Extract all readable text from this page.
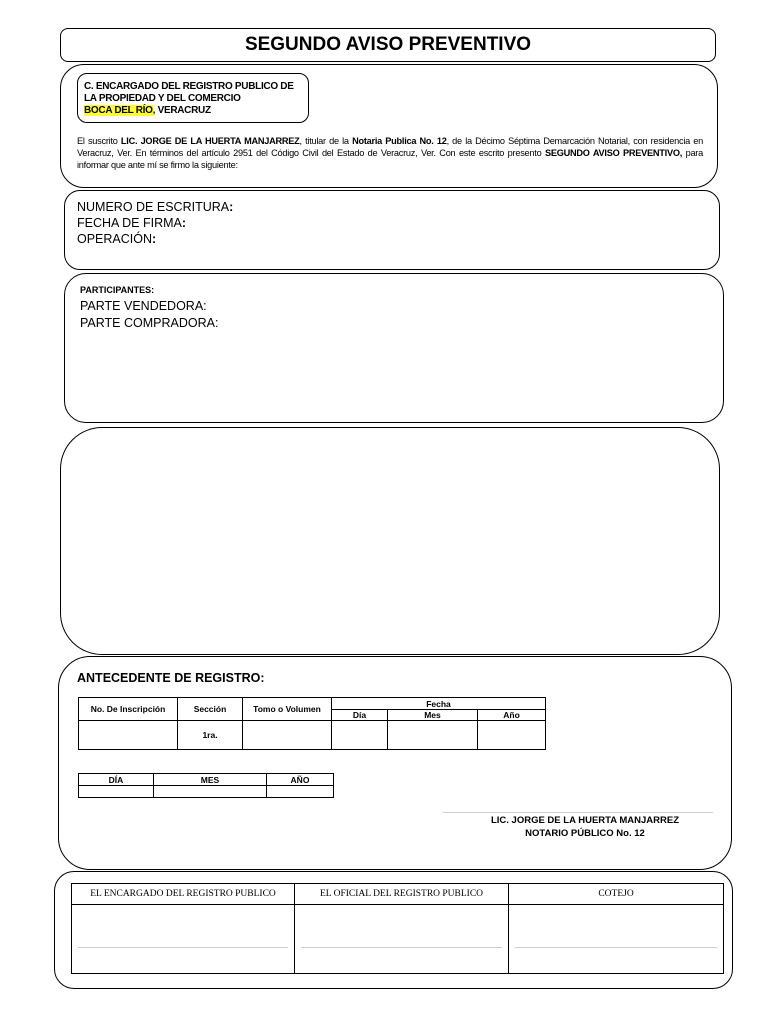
SEGUNDO AVISO PREVENTIVO
C. ENCARGADO DEL REGISTRO PUBLICO DE
LA PROPIEDAD Y DEL COMERCIO
BOCA DEL RÍO, VERACRUZ
El suscrito LIC. JORGE DE LA HUERTA MANJARREZ, titular de la Notaria Publica No. 12, de la Décimo Séptima Demarcación Notarial, con residencia en Veracruz, Ver. En términos del artículo 2951 del Código Civil del Estado de Veracruz, Ver. Con este escrito presento SEGUNDO AVISO PREVENTIVO, para informar que ante mí se firmo la siguiente:
NUMERO DE ESCRITURA:
FECHA DE FIRMA:
OPERACIÓN:
PARTICIPANTES:
PARTE VENDEDORA:
PARTE COMPRADORA:
ANTECEDENTE DE REGISTRO:
No. De Inscripción	Sección	Tomo o Volumen	Fecha		
			Día	Mes	Año
	1ra.				
DÍA	MES	AÑO

LIC. JORGE DE LA HUERTA MANJARREZ
NOTARIO PÚBLICO No. 12
EL ENCARGADO DEL REGISTRO PUBLICO	EL OFICIAL DEL REGISTRO PUBLICO	COTEJO
